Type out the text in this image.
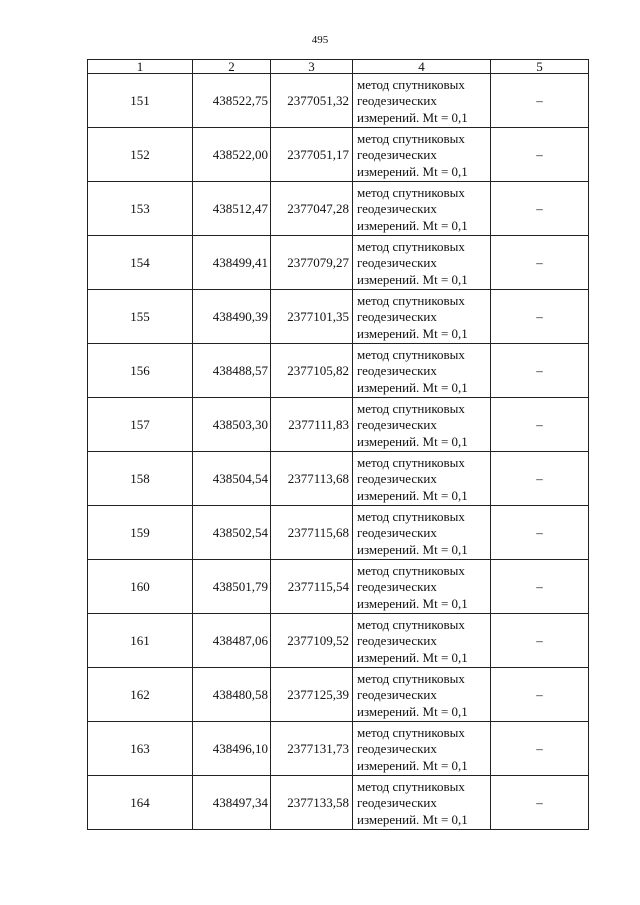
495
1	2	3	4	5
151	438522,75	2377051,32	метод спутниковых
геодезических
измерений. Mt = 0,1	–
152	438522,00	2377051,17	метод спутниковых
геодезических
измерений. Mt = 0,1	–
153	438512,47	2377047,28	метод спутниковых
геодезических
измерений. Mt = 0,1	–
154	438499,41	2377079,27	метод спутниковых
геодезических
измерений. Mt = 0,1	–
155	438490,39	2377101,35	метод спутниковых
геодезических
измерений. Mt = 0,1	–
156	438488,57	2377105,82	метод спутниковых
геодезических
измерений. Mt = 0,1	–
157	438503,30	2377111,83	метод спутниковых
геодезических
измерений. Mt = 0,1	–
158	438504,54	2377113,68	метод спутниковых
геодезических
измерений. Mt = 0,1	–
159	438502,54	2377115,68	метод спутниковых
геодезических
измерений. Mt = 0,1	–
160	438501,79	2377115,54	метод спутниковых
геодезических
измерений. Mt = 0,1	–
161	438487,06	2377109,52	метод спутниковых
геодезических
измерений. Mt = 0,1	–
162	438480,58	2377125,39	метод спутниковых
геодезических
измерений. Mt = 0,1	–
163	438496,10	2377131,73	метод спутниковых
геодезических
измерений. Mt = 0,1	–
164	438497,34	2377133,58	метод спутниковых
геодезических
измерений. Mt = 0,1	–
